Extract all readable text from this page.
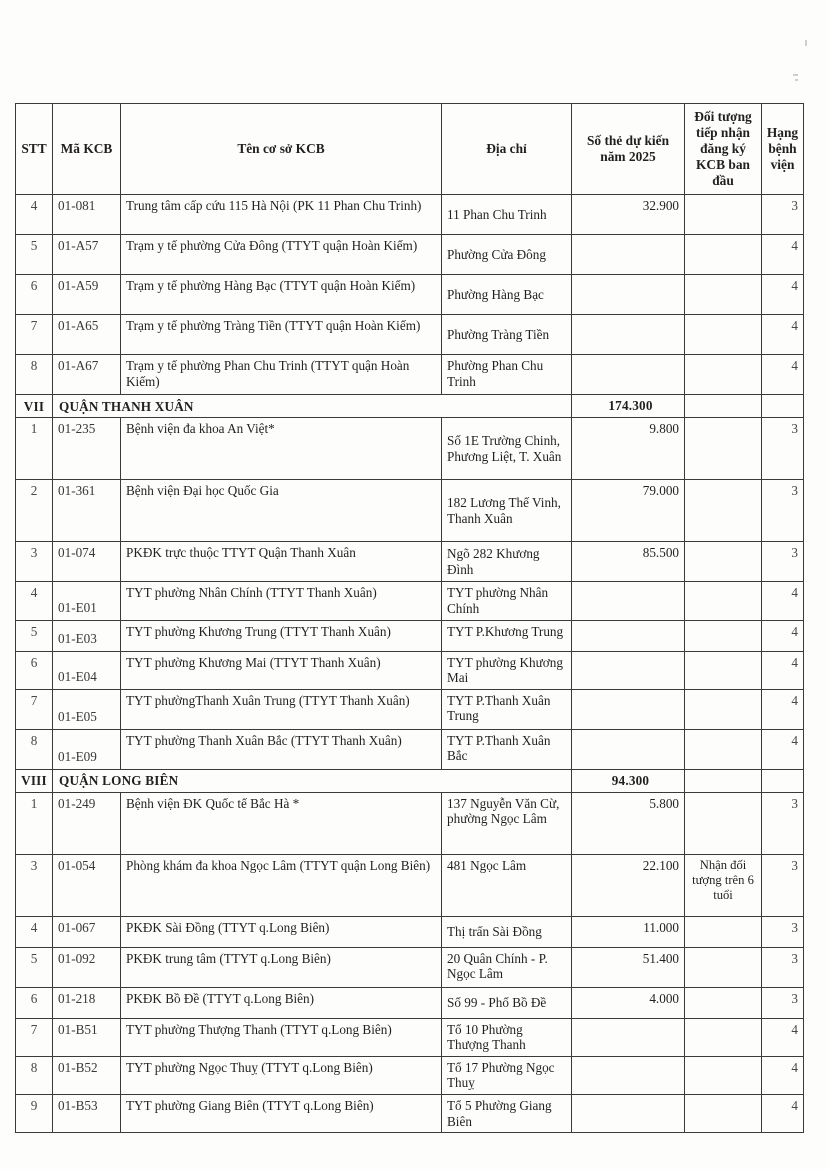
STT	Mã KCB	Tên cơ sở KCB	Địa chỉ	Số thẻ dự kiến năm 2025	Đối tượng tiếp nhận đăng ký KCB ban đầu	Hạng bệnh viện
4	01-081	Trung tâm cấp cứu 115 Hà Nội (PK 11 Phan Chu Trinh)	11 Phan Chu Trinh	32.900		3
5	01-A57	Trạm y tế phường Cửa Đông (TTYT quận Hoàn Kiếm)	Phường Cửa Đông			4
6	01-A59	Trạm y tế phường Hàng Bạc (TTYT quận Hoàn Kiếm)	Phường Hàng Bạc			4
7	01-A65	Trạm y tế phường Tràng Tiền (TTYT quận Hoàn Kiếm)	Phường Tràng Tiền			4
8	01-A67	Trạm y tế phường Phan Chu Trinh (TTYT quận Hoàn Kiếm)	Phường Phan Chu Trinh			4
VII	QUẬN THANH XUÂN			174.300		
1	01-235	Bệnh viện đa khoa An Việt*	Số 1E Trường Chinh, Phương Liệt, T. Xuân	9.800		3
2	01-361	Bệnh viện Đại học Quốc Gia	182 Lương Thế Vinh, Thanh Xuân	79.000		3
3	01-074	PKĐK trực thuộc TTYT Quận Thanh Xuân	Ngõ 282 Khương Đình	85.500		3
4	01-E01	TYT phường Nhân Chính (TTYT Thanh Xuân)	TYT phường Nhân Chính			4
5	01-E03	TYT phường Khương Trung (TTYT Thanh Xuân)	TYT P.Khương Trung			4
6	01-E04	TYT phường Khương Mai (TTYT Thanh Xuân)	TYT phường Khương Mai			4
7	01-E05	TYT phườngThanh Xuân Trung (TTYT Thanh Xuân)	TYT P.Thanh Xuân Trung			4
8	01-E09	TYT phường Thanh Xuân Bắc (TTYT Thanh Xuân)	TYT P.Thanh Xuân Bắc			4
VIII	QUẬN LONG BIÊN			94.300		
1	01-249	Bệnh viện ĐK Quốc tế Bắc Hà *	137 Nguyễn Văn Cừ, phường Ngọc Lâm	5.800		3
3	01-054	Phòng khám đa khoa Ngọc Lâm (TTYT quận Long Biên)	481 Ngọc Lâm	22.100	Nhận đối tượng trên 6 tuổi	3
4	01-067	PKĐK Sài Đồng (TTYT q.Long Biên)	Thị trấn Sài Đồng	11.000		3
5	01-092	PKĐK trung tâm (TTYT q.Long Biên)	20 Quân Chính - P. Ngọc Lâm	51.400		3
6	01-218	PKĐK Bồ Đề (TTYT q.Long Biên)	Số 99 - Phố Bồ Đề	4.000		3
7	01-B51	TYT phường Thượng Thanh (TTYT q.Long Biên)	Tổ 10 Phường Thượng Thanh			4
8	01-B52	TYT phường Ngọc Thuỵ (TTYT q.Long Biên)	Tổ 17 Phường Ngọc Thuỵ			4
9	01-B53	TYT phường Giang Biên (TTYT q.Long Biên)	Tổ 5 Phường Giang Biên			4
